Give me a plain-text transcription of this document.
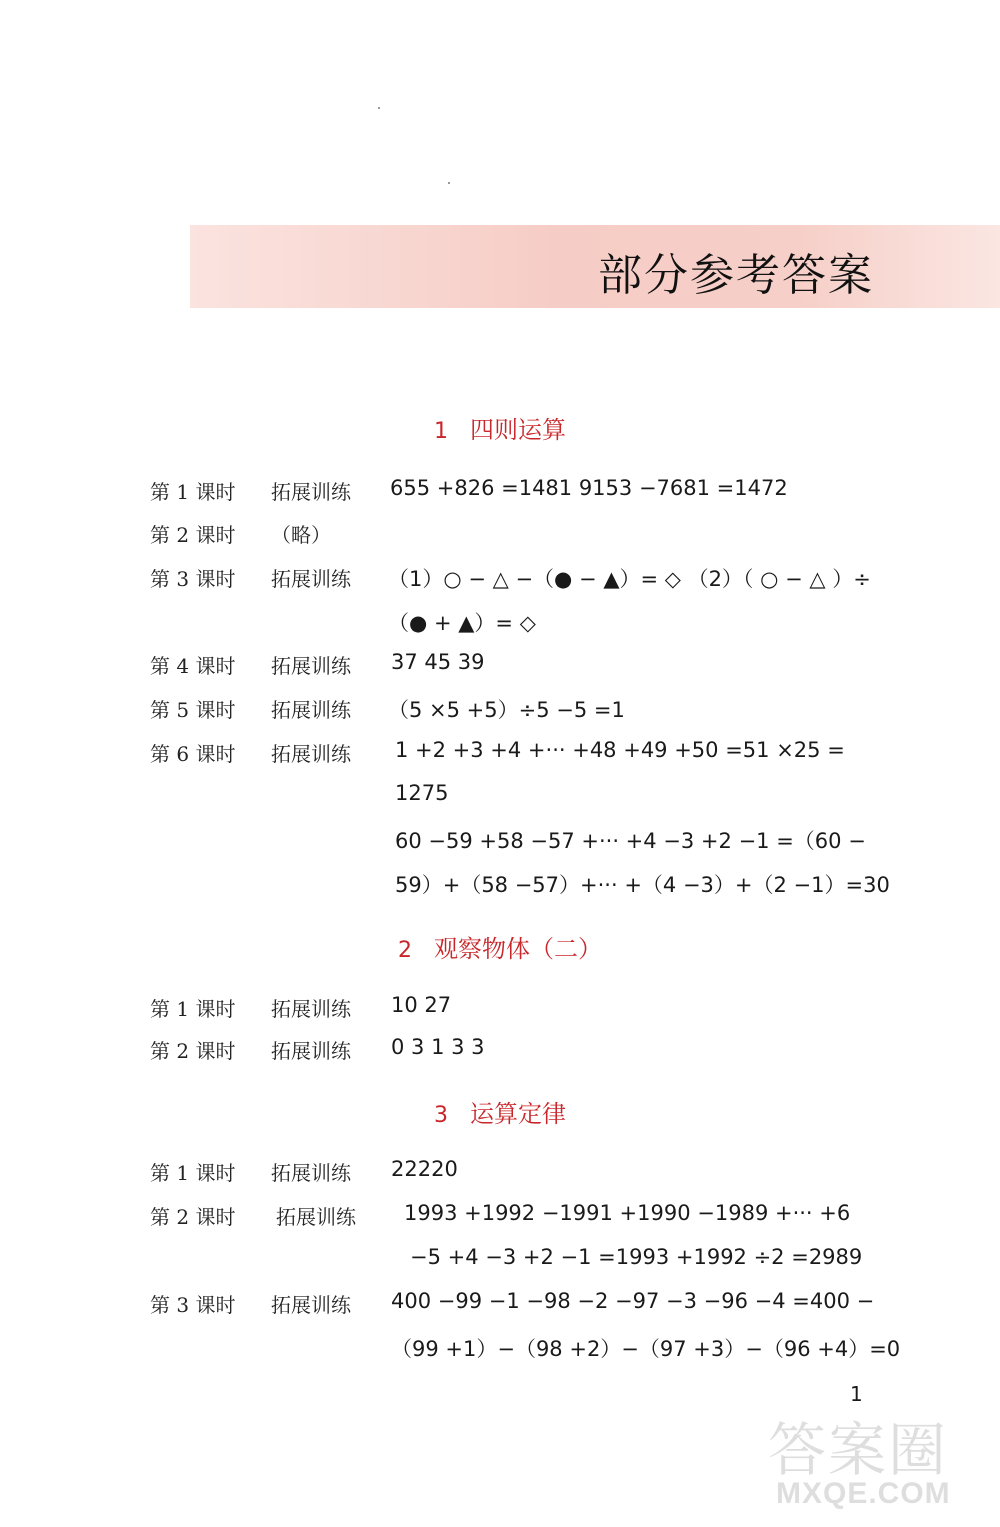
部分参考答案
1 四则运算
第 1 课时 拓展训练 655 +826 =1481 9153 −7681 =1472
第 2 课时 （略）
第 3 课时 拓展训练 （1）○ − △ −（● − ▲）= ◇ （2）（ ○ − △ ）÷
（● + ▲）= ◇
第 4 课时 拓展训练 37 45 39
第 5 课时 拓展训练 （5 ×5 +5）÷5 −5 =1
第 6 课时 拓展训练 1 +2 +3 +4 +··· +48 +49 +50 =51 ×25 =
1275
60 −59 +58 −57 +··· +4 −3 +2 −1 =（60 −
59）+（58 −57）+··· +（4 −3）+（2 −1）=30
2 观察物体（二）
第 1 课时 拓展训练 10 27
第 2 课时 拓展训练 0 3 1 3 3
3 运算定律
第 1 课时 拓展训练 22220
第 2 课时 拓展训练 1993 +1992 −1991 +1990 −1989 +··· +6
−5 +4 −3 +2 −1 =1993 +1992 ÷2 =2989
第 3 课时 拓展训练 400 −99 −1 −98 −2 −97 −3 −96 −4 =400 −
（99 +1）−（98 +2）−（97 +3）−（96 +4）=0
1
答案圈
MXQE.COM
